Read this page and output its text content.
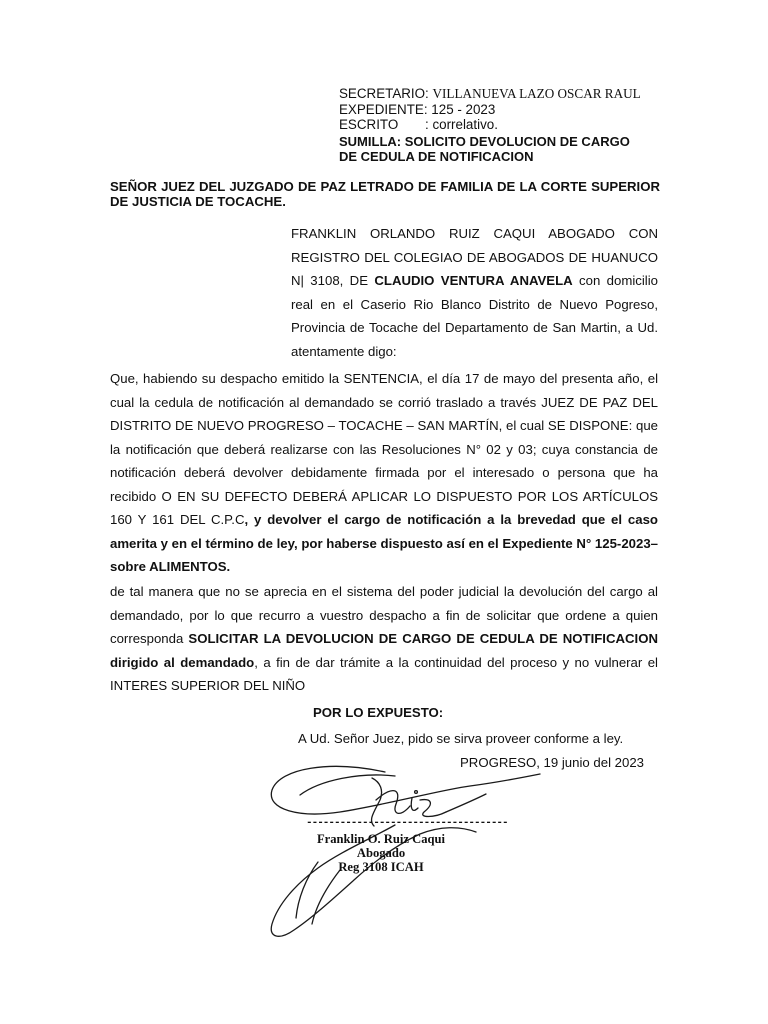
SECRETARIO: VILLANUEVA LAZO OSCAR RAUL
EXPEDIENTE: 125 - 2023
ESCRITO : correlativo.
SUMILLA: SOLICITO DEVOLUCION DE CARGO
DE CEDULA DE NOTIFICACION
SEÑOR JUEZ DEL JUZGADO DE PAZ LETRADO DE FAMILIA DE LA CORTE SUPERIOR DE JUSTICIA DE TOCACHE.
FRANKLIN ORLANDO RUIZ CAQUI ABOGADO CON REGISTRO DEL COLEGIAO DE ABOGADOS DE HUANUCO N| 3108, DE CLAUDIO VENTURA ANAVELA con domicilio real en el Caserio Rio Blanco Distrito de Nuevo Pogreso, Provincia de Tocache del Departamento de San Martin, a Ud. atentamente digo:
Que, habiendo su despacho emitido la SENTENCIA, el día 17 de mayo del presenta año, el cual la cedula de notificación al demandado se corrió traslado a través JUEZ DE PAZ DEL DISTRITO DE NUEVO PROGRESO – TOCACHE – SAN MARTÍN, el cual SE DISPONE: que la notificación que deberá realizarse con las Resoluciones N° 02 y 03; cuya constancia de notificación deberá devolver debidamente firmada por el interesado o persona que ha recibido O EN SU DEFECTO DEBERÁ APLICAR LO DISPUESTO POR LOS ARTÍCULOS 160 Y 161 DEL C.P.C, y devolver el cargo de notificación a la brevedad que el caso amerita y en el término de ley, por haberse dispuesto así en el Expediente N° 125-2023– sobre ALIMENTOS.
de tal manera que no se aprecia en el sistema del poder judicial la devolución del cargo al demandado, por lo que recurro a vuestro despacho a fin de solicitar que ordene a quien corresponda SOLICITAR LA DEVOLUCION DE CARGO DE CEDULA DE NOTIFICACION dirigido al demandado, a fin de dar trámite a la continuidad del proceso y no vulnerar el INTERES SUPERIOR DEL NIÑO
POR LO EXPUESTO:
A Ud. Señor Juez, pido se sirva proveer conforme a ley.
PROGRESO, 19 junio del 2023
------------------------------------
Franklin O. Ruiz Caqui
Abogado
Reg 3108 ICAH
